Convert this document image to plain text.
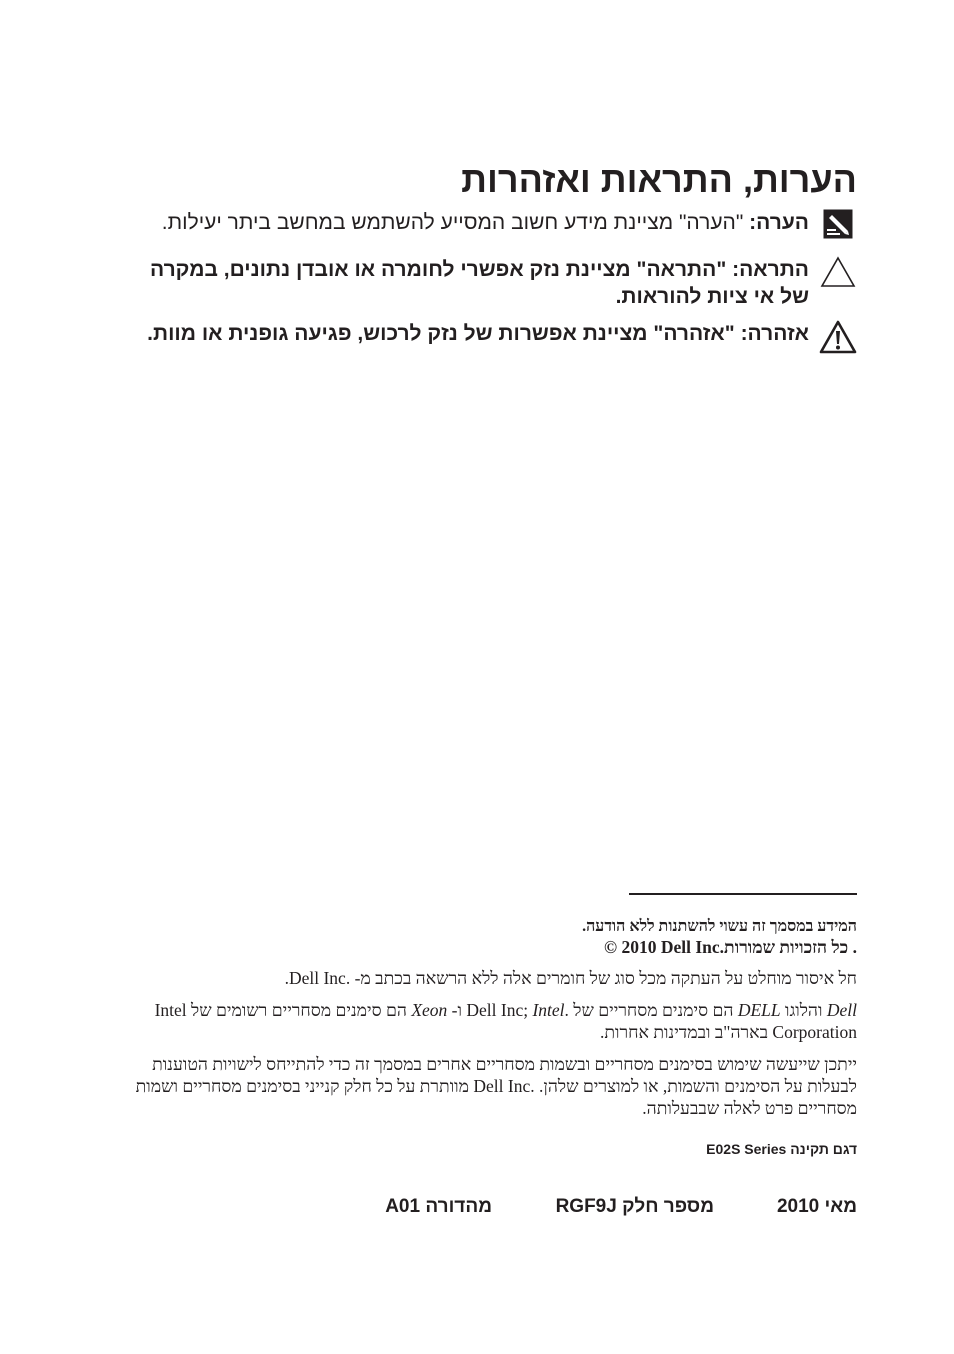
הערות, התראות ואזהרות
הערה: "הערה" מציינת מידע חשוב המסייע להשתמש במחשב ביתר יעילות.
התראה: "התראה" מציינת נזק אפשרי לחומרה או אובדן נתונים, במקרה של אי ציות להוראות.
אזהרה: "אזהרה" מציינת אפשרות של נזק לרכוש, פגיעה גופנית או מוות.
המידע במסמך זה עשוי להשתנות ללא הודעה.
. כל הזכויות שמורות.© 2010 Dell Inc

חל איסור מוחלט על העתקה מכל סוג של חומרים אלה ללא הרשאה בכתב מ- .Dell Inc.

Dell והלוגו DELL הם סימנים מסחריים של .Dell Inc; Intel ו- Xeon הם סימנים מסחריים רשומים של Intel Corporation בארה"ב ובמדינות אחרות.

ייתכן שייעשה שימוש בסימנים מסחריים ובשמות מסחריים אחרים במסמך זה כדי להתייחס לישויות הטוענות לבעלות על הסימנים והשמות, או למוצרים שלהן. .Dell Inc מוותרת על כל חלק קנייני בסימנים מסחריים ושמות מסחריים פרט לאלה שבבעלותה.

דגם תקינה E02S Series

מאי 2010
מספר חלק RGF9J
מהדורה A01
